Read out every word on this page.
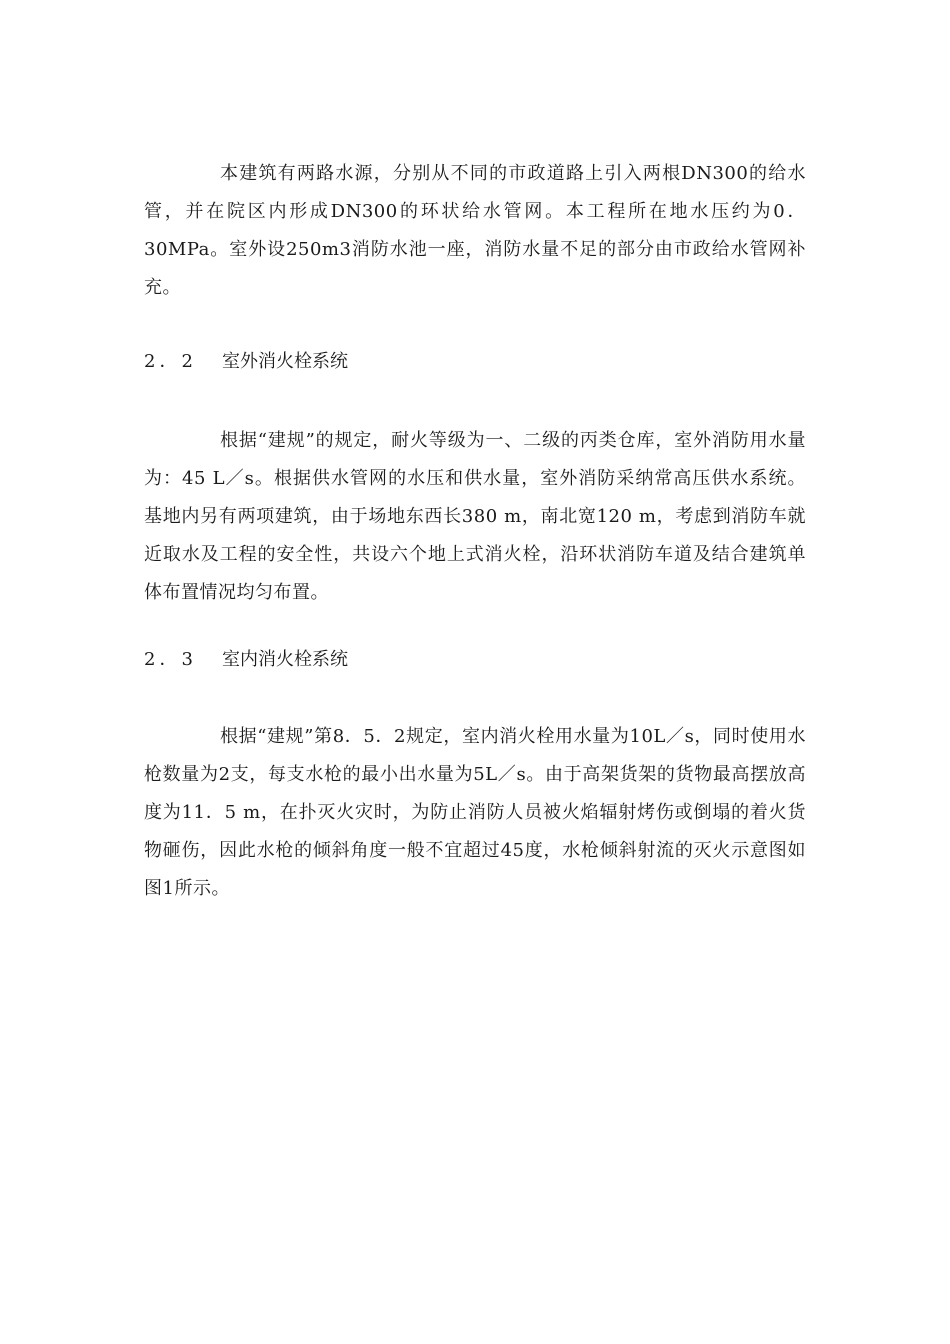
本建筑有两路水源，分别从不同的市政道路上引入两根DN300的给水管，并在院区内形成DN300的环状给水管网。本工程所在地水压约为0．30MPa。室外设250m3消防水池一座，消防水量不足的部分由市政给水管网补充。

2．2 室外消火栓系统

根据“建规”的规定，耐火等级为一、二级的丙类仓库，室外消防用水量为：45 L／s。根据供水管网的水压和供水量，室外消防采纳常高压供水系统。基地内另有两项建筑，由于场地东西长380 m，南北宽120 m，考虑到消防车就近取水及工程的安全性，共设六个地上式消火栓，沿环状消防车道及结合建筑单体布置情况均匀布置。

2．3 室内消火栓系统

根据“建规”第8．5．2规定，室内消火栓用水量为10L／s，同时使用水枪数量为2支，每支水枪的最小出水量为5L／s。由于高架货架的货物最高摆放高度为11．5 m，在扑灭火灾时，为防止消防人员被火焰辐射烤伤或倒塌的着火货物砸伤，因此水枪的倾斜角度一般不宜超过45度，水枪倾斜射流的灭火示意图如图1所示。
